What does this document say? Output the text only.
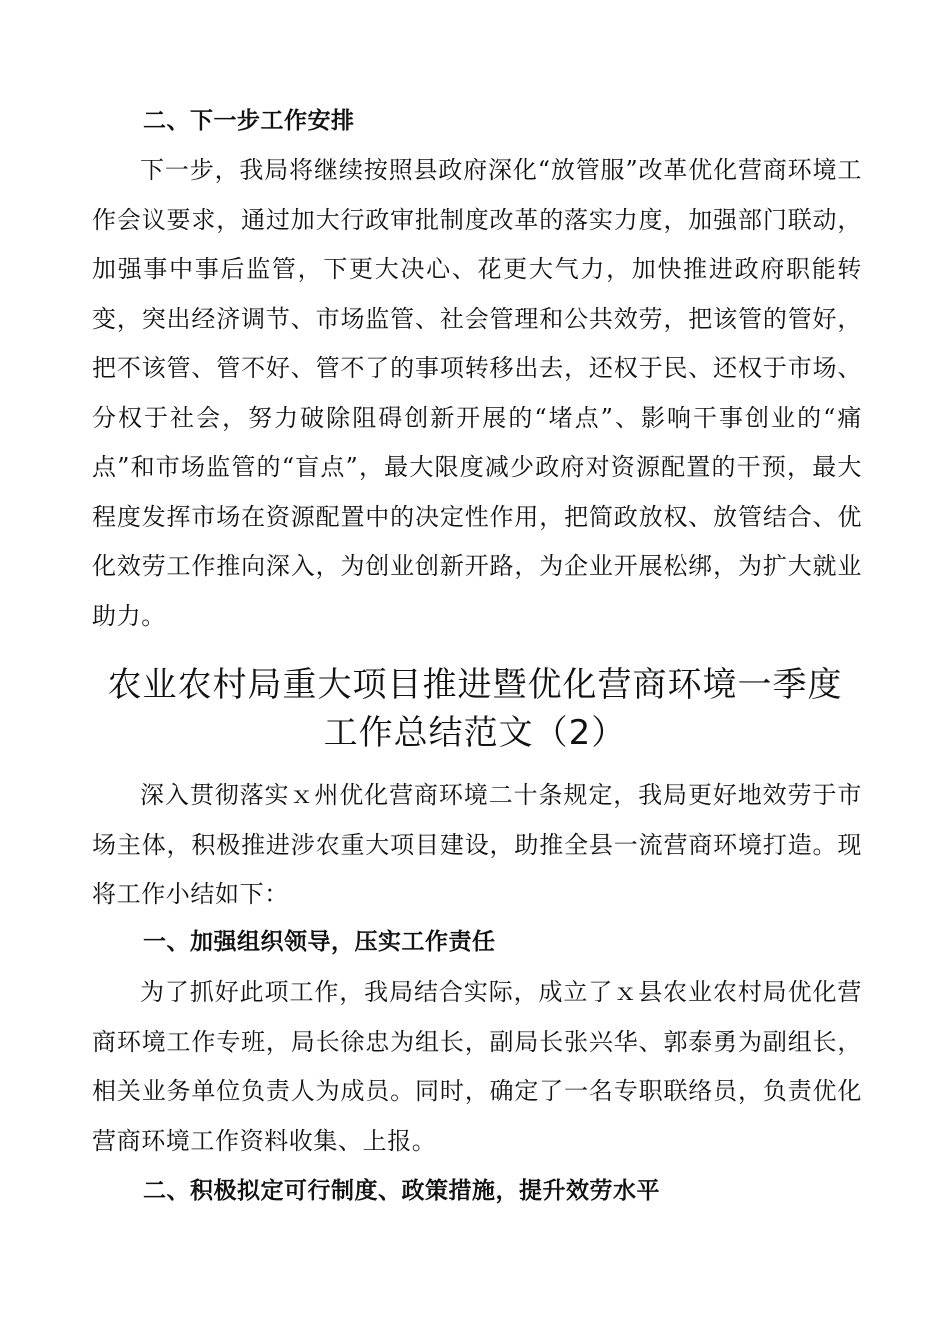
二、下一步工作安排
下一步，我局将继续按照县政府深化“放管服”改革优化营商环境工作会议要求，通过加大行政审批制度改革的落实力度，加强部门联动，加强事中事后监管，下更大决心、花更大气力，加快推进政府职能转变，突出经济调节、市场监管、社会管理和公共效劳，把该管的管好，把不该管、管不好、管不了的事项转移出去，还权于民、还权于市场、分权于社会，努力破除阻碍创新开展的“堵点”、影响干事创业的“痛点”和市场监管的“盲点”，最大限度减少政府对资源配置的干预，最大程度发挥市场在资源配置中的决定性作用，把简政放权、放管结合、优化效劳工作推向深入，为创业创新开路，为企业开展松绑，为扩大就业助力。
农业农村局重大项目推进暨优化营商环境一季度
工作总结范文（2）
深入贯彻落实ｘ州优化营商环境二十条规定，我局更好地效劳于市场主体，积极推进涉农重大项目建设，助推全县一流营商环境打造。现将工作小结如下：
一、加强组织领导，压实工作责任
为了抓好此项工作，我局结合实际，成立了ｘ县农业农村局优化营商环境工作专班，局长徐忠为组长，副局长张兴华、郭泰勇为副组长，相关业务单位负责人为成员。同时，确定了一名专职联络员，负责优化营商环境工作资料收集、上报。
二、积极拟定可行制度、政策措施，提升效劳水平
